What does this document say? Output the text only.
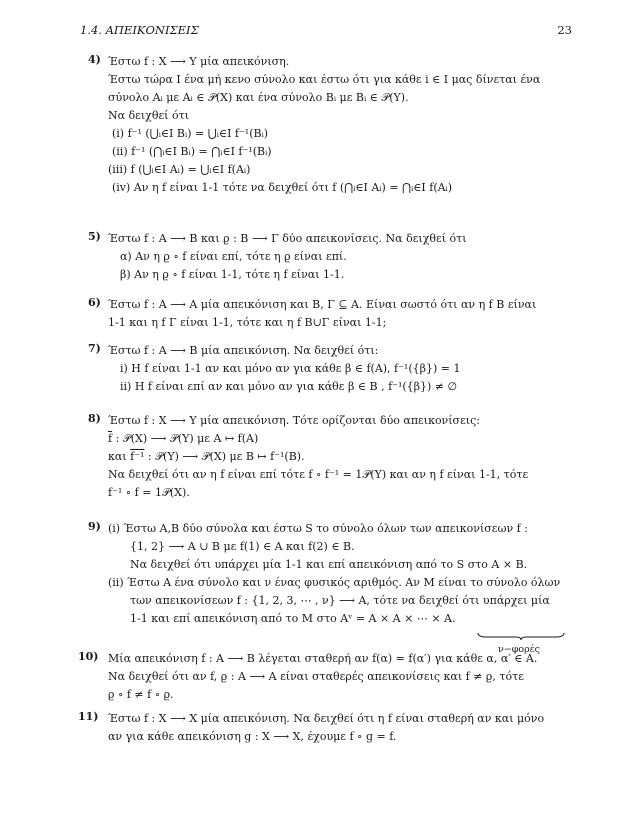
1.4. ΑΠΕΙΚΟΝΙΣΕΙΣ	23
4) Έστω f : X ⟶ Y μία απεικόνιση.
Έστω τώρα I ένα μή κενο σύνολο και έστω ότι για κάθε i ∈ I μας δίνεται ένα
σύνολο Aᵢ με Aᵢ ∈ 𝒫(X) και ένα σύνολο Bᵢ με Bᵢ ∈ 𝒫(Y).
Να δειχθεί ότι
(i) f⁻¹ (⋃ᵢ∈I Bᵢ) = ⋃ᵢ∈I f⁻¹(Bᵢ)
(ii) f⁻¹ (⋂ᵢ∈I Bᵢ) = ⋂ᵢ∈I f⁻¹(Bᵢ)
(iii) f (⋃ᵢ∈I Aᵢ) = ⋃ᵢ∈I f(Aᵢ)
(iv) Αν η f είναι 1-1 τότε να δειχθεί ότι f (⋂ᵢ∈I Aᵢ) = ⋂ᵢ∈I f(Aᵢ)
5) Έστω f : A ⟶ B και ϱ : B ⟶ Γ δύο απεικονίσεις. Να δειχθεί ότι
α) Αν η ϱ ∘ f είναι επί, τότε η ϱ είναι επί.
β) Αν η ϱ ∘ f είναι 1-1, τότε η f είναι 1-1.
6) Έστω f : A ⟶ A μία απεικόνιση και B, Γ ⊆ A. Είναι σωστό ότι αν η f B είναι
1-1 και η f Γ είναι 1-1, τότε και η f B∪Γ είναι 1-1;
7) Έστω f : A ⟶ B μία απεικόνιση. Να δειχθεί ότι:
i) Η f είναι 1-1 αν και μόνο αν για κάθε β ∈ f(A), f⁻¹({β}) = 1
ii) Η f είναι επί αν και μόνο αν για κάθε β ∈ B , f⁻¹({β}) ≠ ∅
8) Έστω f : X ⟶ Y μία απεικόνιση. Τότε ορίζονται δύο απεικονίσεις:
$\overline{f}$ : 𝒫(X) ⟶ 𝒫(Y) με A ↦ f(A)
και f⁻¹ : 𝒫(Y) ⟶ 𝒫(X) με B ↦ f⁻¹(B).
Να δειχθεί ότι αν η f είναι επί τότε f ∘ f⁻¹ = 1𝒫(Y) και αν η f είναι 1-1, τότε
f⁻¹ ∘ f = 1𝒫(X).
9) (i) Έστω A,B δύο σύνολα και έστω S το σύνολο όλων των απεικονίσεων f :
{1, 2} ⟶ A ∪ B με f(1) ∈ A και f(2) ∈ B.
Να δειχθεί ότι υπάρχει μία 1-1 και επί απεικόνιση από το S στο A × B.
(ii) Έστω A ένα σύνολο και ν ένας φυσικός αριθμός. Αν M είναι το σύνολο όλων
των απεικονίσεων f : {1, 2, 3, ⋯ , ν} ⟶ A, τότε να δειχθεί ότι υπάρχει μία
1-1 και επί απεικόνιση από το M στο Aᵛ = A × A × ⋯ × A.
ν−φορές
10) Μία απεικόνιση f : A ⟶ B λέγεται σταθερή αν f(α) = f(α′) για κάθε α, α′ ∈ A.
Να δειχθεί ότι αν f, ϱ : A ⟶ A είναι σταθερές απεικονίσεις και f ≠ ϱ, τότε
ϱ ∘ f ≠ f ∘ ϱ.
11) Έστω f : X ⟶ X μία απεικόνιση. Να δειχθεί ότι η f είναι σταθερή αν και μόνο
αν για κάθε απεικόνιση g : X ⟶ X, έχουμε f ∘ g = f.
